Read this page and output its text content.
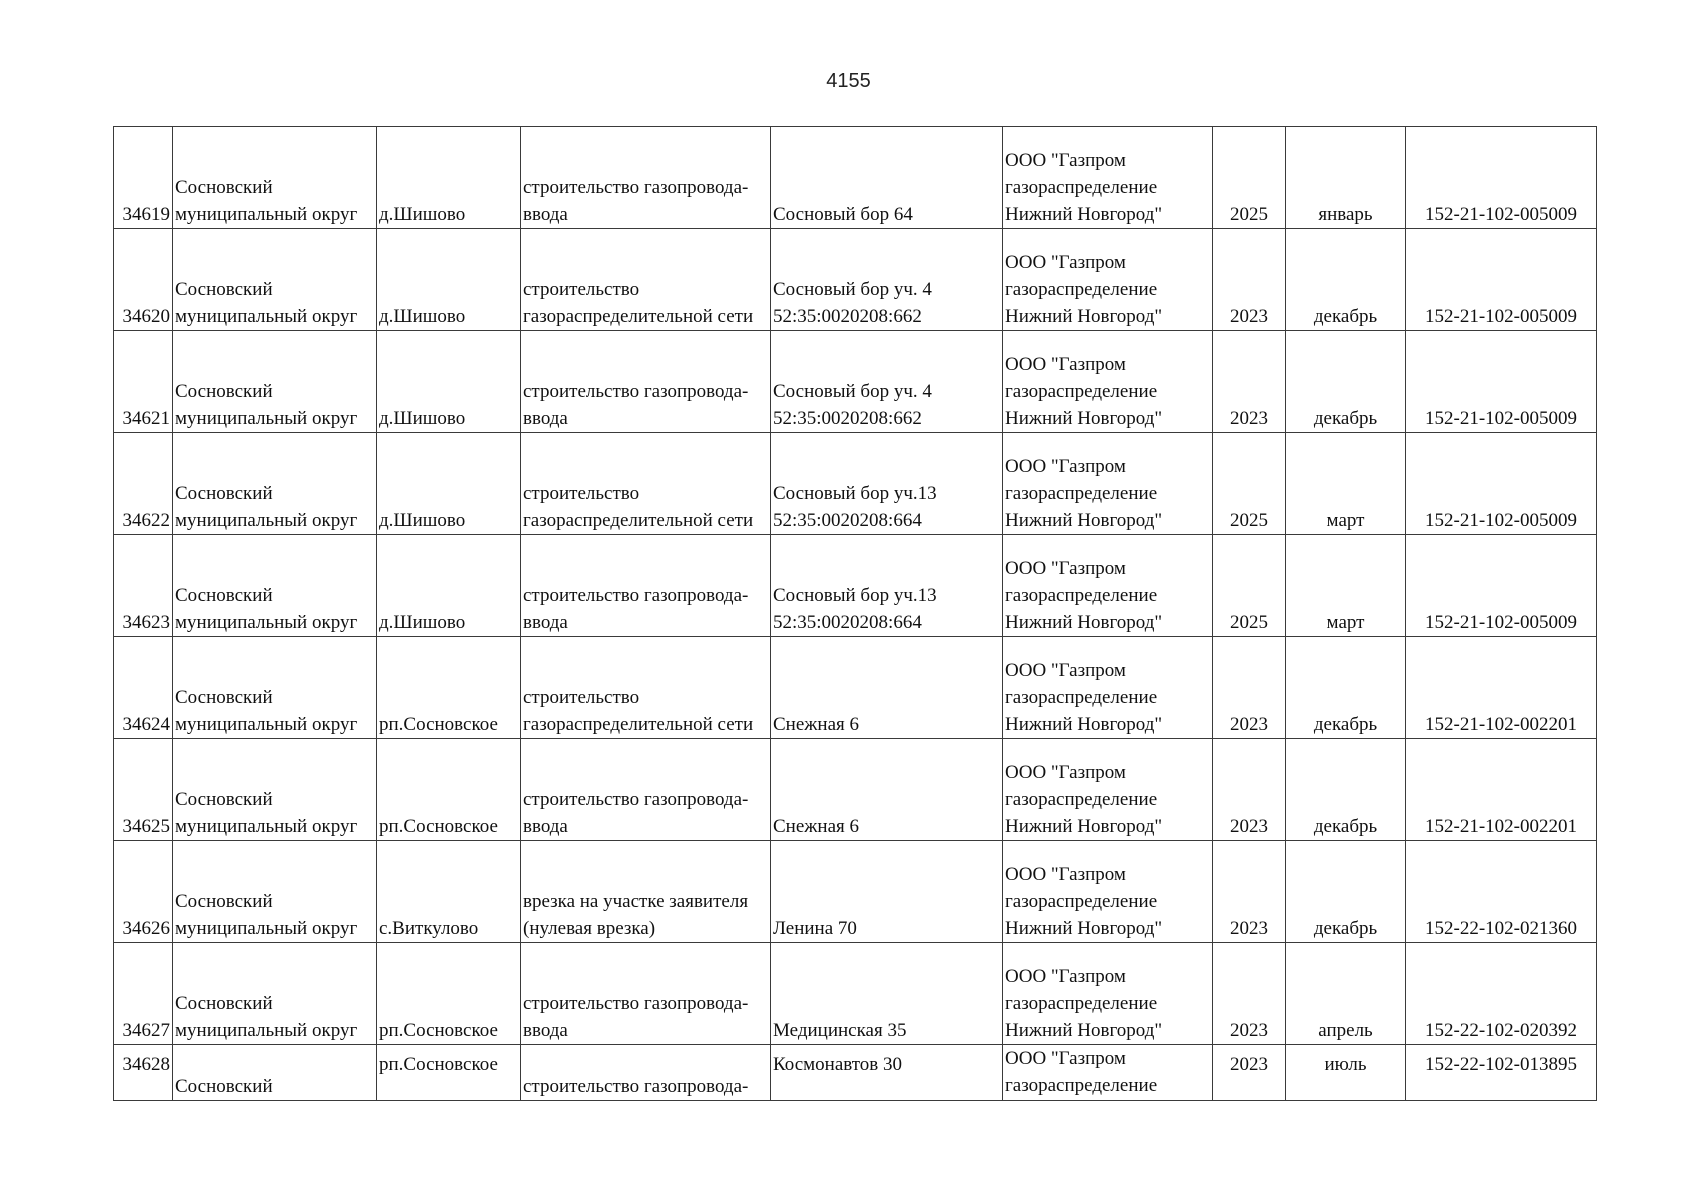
4155
34619	Сосновский
муниципальный округ	д.Шишово	строительство газопровода-
ввода	Сосновый бор 64	ООО "Газпром
газораспределение
Нижний Новгород"	2025	январь	152-21-102-005009
34620	Сосновский
муниципальный округ	д.Шишово	строительство
газораспределительной сети	Сосновый бор уч. 4
52:35:0020208:662	ООО "Газпром
газораспределение
Нижний Новгород"	2023	декабрь	152-21-102-005009
34621	Сосновский
муниципальный округ	д.Шишово	строительство газопровода-
ввода	Сосновый бор уч. 4
52:35:0020208:662	ООО "Газпром
газораспределение
Нижний Новгород"	2023	декабрь	152-21-102-005009
34622	Сосновский
муниципальный округ	д.Шишово	строительство
газораспределительной сети	Сосновый бор уч.13
52:35:0020208:664	ООО "Газпром
газораспределение
Нижний Новгород"	2025	март	152-21-102-005009
34623	Сосновский
муниципальный округ	д.Шишово	строительство газопровода-
ввода	Сосновый бор уч.13
52:35:0020208:664	ООО "Газпром
газораспределение
Нижний Новгород"	2025	март	152-21-102-005009
34624	Сосновский
муниципальный округ	рп.Сосновское	строительство
газораспределительной сети	Снежная 6	ООО "Газпром
газораспределение
Нижний Новгород"	2023	декабрь	152-21-102-002201
34625	Сосновский
муниципальный округ	рп.Сосновское	строительство газопровода-
ввода	Снежная 6	ООО "Газпром
газораспределение
Нижний Новгород"	2023	декабрь	152-21-102-002201
34626	Сосновский
муниципальный округ	с.Виткулово	врезка на участке заявителя
(нулевая врезка)	Ленина 70	ООО "Газпром
газораспределение
Нижний Новгород"	2023	декабрь	152-22-102-021360
34627	Сосновский
муниципальный округ	рп.Сосновское	строительство газопровода-
ввода	Медицинская 35	ООО "Газпром
газораспределение
Нижний Новгород"	2023	апрель	152-22-102-020392
34628	Сосновский	рп.Сосновское	строительство газопровода-	Космонавтов 30	ООО "Газпром
газораспределение	2023	июль	152-22-102-013895
